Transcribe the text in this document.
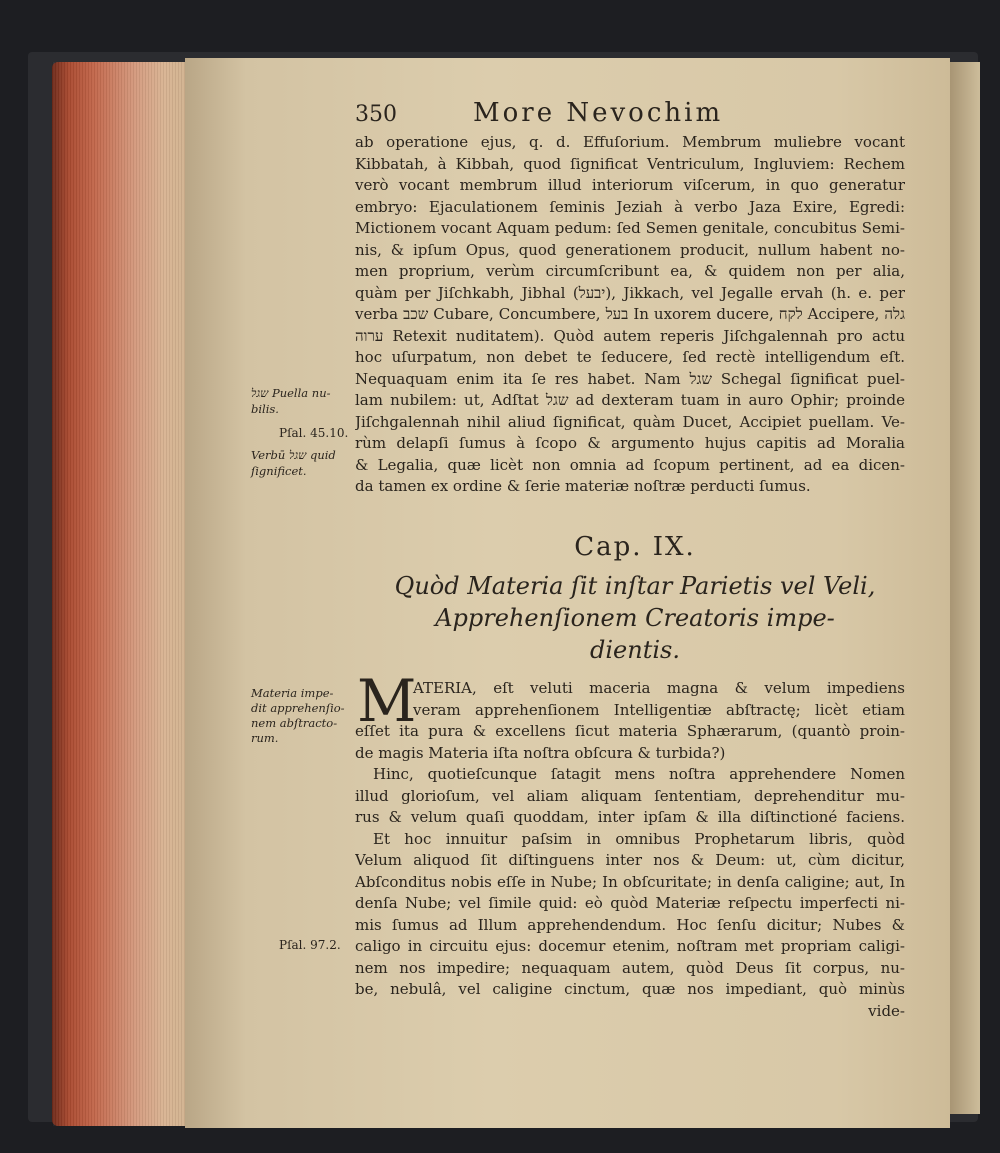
350	More Nevochim
ab operatione ejus, q. d. Effuſorium. Membrum muliebre vocant
Kibbatah, à Kibbah, quod ſignificat Ventriculum, Ingluviem: Rechem
verò vocant membrum illud interiorum viſcerum, in quo generatur
embryo: Ejaculationem ſeminis Jeziah à verbo Jaza Exire, Egredi:
Mictionem vocant Aquam pedum: ſed Semen genitale, concubitus Semi-
nis, & ipſum Opus, quod generationem producit, nullum habent no-
men proprium, verùm circumſcribunt ea, & quidem non per alia,
quàm per Jiſchkabh, Jibhal (יבעל), Jikkach, vel Jegalle ervah (h. e. per
verba שכב Cubare, Concumbere, בעל In uxorem ducere, לקח Accipere, גלה
ערוה Retexit nuditatem). Quòd autem reperis Jiſchgalennah pro actu
hoc uſurpatum, non debet te ſeducere, ſed rectè intelligendum eſt.
Nequaquam enim ita ſe res habet. Nam שגל Schegal ſignificat puel-
lam nubilem: ut, Adſtat שגל ad dexteram tuam in auro Ophir; proinde
Jiſchgalennah nihil aliud ſignificat, quàm Ducet, Accipiet puellam. Ve-
rùm delapſi ſumus à ſcopo & argumento hujus capitis ad Moralia
& Legalia, quæ licèt non omnia ad ſcopum pertinent, ad ea dicen-
da tamen ex ordine & ſerie materiæ noſtræ perducti ſumus.
שגל Puella nu-
bilis.
Pſal. 45.10.
Verbū שגל quid
ſignificet.
Cap. IX.
Quòd Materia ſit inſtar Parietis vel Veli,
Apprehenſionem Creatoris impe-
dientis.
Materia impe-
dit apprehenſio-
nem abſtracto-
rum.
M
ATERIA, eſt veluti maceria magna & velum impediens
veram apprehenſionem Intelligentiæ abſtractę; licèt etiam
eſſet ita pura & excellens ſicut materia Sphærarum, (quantò proin-
de magis Materia iſta noſtra obſcura & turbida?)
Hinc, quotieſcunque ſatagit mens noſtra apprehendere Nomen
illud glorioſum, vel aliam aliquam ſententiam, deprehenditur mu-
rus & velum quaſi quoddam, inter ipſam & illa diſtinctioné faciens.
Et hoc innuitur paſsim in omnibus Prophetarum libris, quòd
Velum aliquod ſit diſtinguens inter nos & Deum: ut, cùm dicitur,
Abſconditus nobis eſſe in Nube; In obſcuritate; in denſa caligine; aut, In
denſa Nube; vel ſimile quid: eò quòd Materiæ reſpectu imperfecti ni-
mis ſumus ad Illum apprehendendum. Hoc ſenſu dicitur; Nubes &
caligo in circuitu ejus: docemur etenim, noſtram met propriam caligi-
nem nos impedire; nequaquam autem, quòd Deus ſit corpus, nu-
be, nebulâ, vel caligine cinctum, quæ nos impediant, quò minùs
vide-
Pſal. 97.2.
